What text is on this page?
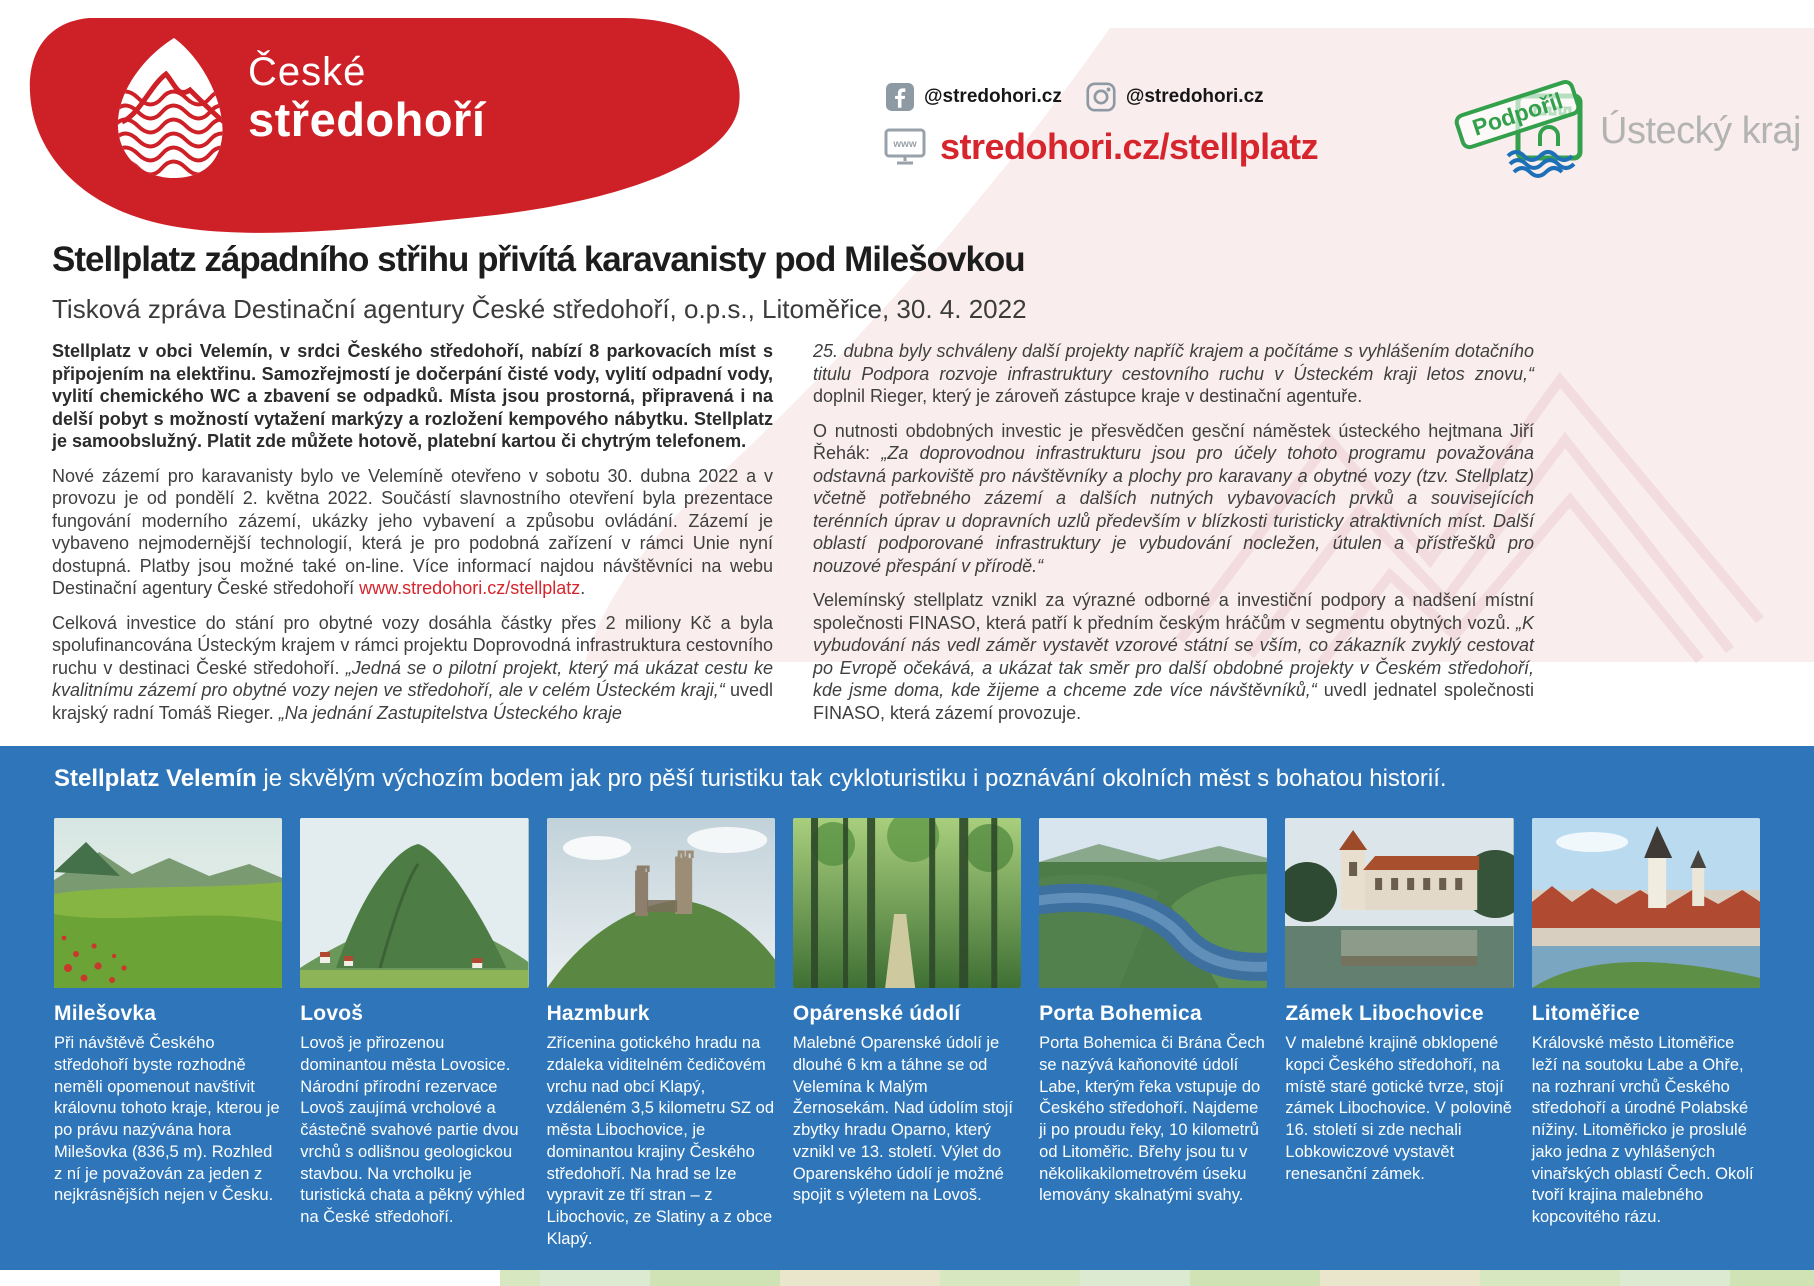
České
středohoří	@stredohori.cz	@stredohori.cz
www stredohori.cz/stellplatz
Podpořil Ústecký kraj
Stellplatz západního střihu přivítá karavanisty pod Milešovkou
Tisková zpráva Destinační agentury České středohoří, o.p.s., Litoměřice, 30. 4. 2022

Stellplatz v obci Velemín, v srdci Českého středohoří, nabízí 8 parkovacích míst s připojením na elektřinu. Samozřejmostí je dočerpání čisté vody, vylití odpadní vody, vylití chemického WC a zbavení se odpadků. Místa jsou prostorná, připravená i na delší pobyt s možností vytažení markýzy a rozložení kempového nábytku. Stellplatz je samoobslužný. Platit zde můžete hotově, platební kartou či chytrým telefonem.

Nové zázemí pro karavanisty bylo ve Velemíně otevřeno v sobotu 30. dubna 2022 a v provozu je od pondělí 2. května 2022. Součástí slavnostního otevření byla prezentace fungování moderního zázemí, ukázky jeho vybavení a způsobu ovládání. Zázemí je vybaveno nejmodernější technologií, která je pro podobná zařízení v rámci Unie nyní dostupná. Platby jsou možné také on-line. Více informací najdou návštěvníci na webu Destinační agentury České středohoří www.stredohori.cz/stellplatz.

Celková investice do stání pro obytné vozy dosáhla částky přes 2 miliony Kč a byla spolufinancována Ústeckým krajem v rámci projektu Doprovodná infrastruktura cestovního ruchu v destinaci České středohoří. „Jedná se o pilotní projekt, který má ukázat cestu ke kvalitnímu zázemí pro obytné vozy nejen ve středohoří, ale v celém Ústeckém kraji,“ uvedl krajský radní Tomáš Rieger. „Na jednání Zastupitelstva Ústeckého kraje

25. dubna byly schváleny další projekty napříč krajem a počítáme s vyhlášením dotačního titulu Podpora rozvoje infrastruktury cestovního ruchu v Ústeckém kraji letos znovu,“ doplnil Rieger, který je zároveň zástupce kraje v destinační agentuře.

O nutnosti obdobných investic je přesvědčen gesční náměstek ústeckého hejtmana Jiří Řehák: „Za doprovodnou infrastrukturu jsou pro účely tohoto programu považována odstavná parkoviště pro návštěvníky a plochy pro karavany a obytné vozy (tzv. Stellplatz) včetně potřebného zázemí a dalších nutných vybavovacích prvků a souvisejících terénních úprav u dopravních uzlů především v blízkosti turisticky atraktivních míst. Další oblastí podporované infrastruktury je vybudování nocležen, útulen a přístřešků pro nouzové přespání v přírodě.“

Velemínský stellplatz vznikl za výrazné odborné a investiční podpory a nadšení místní společnosti FINASO, která patří k předním českým hráčům v segmentu obytných vozů. „K vybudování nás vedl záměr vystavět vzorové státní se vším, co zákazník zvyklý cestovat po Evropě očekává, a ukázat tak směr pro další obdobné projekty v Českém středohoří, kde jsme doma, kde žijeme a chceme zde více návštěvníků,“ uvedl jednatel společnosti FINASO, která zázemí provozuje.

Stellplatz Velemín je skvělým výchozím bodem jak pro pěší turistiku tak cykloturistiku i poznávání okolních měst s bohatou historií.
Milešovka
Při návštěvě Českého středohoří byste rozhodně neměli opomenout navštívit královnu tohoto kraje, kterou je po právu nazývána hora Milešovka (836,5 m). Rozhled z ní je považován za jeden z nejkrásnějších nejen v Česku.
Lovoš
Lovoš je přirozenou dominantou města Lovosice. Národní přírodní rezervace Lovoš zaujímá vrcholové a částečně svahové partie dvou vrchů s odlišnou geologickou stavbou. Na vrcholku je turistická chata a pěkný výhled na České středohoří.
Hazmburk
Zřícenina gotického hradu na zdaleka viditelném čedičovém vrchu nad obcí Klapý, vzdáleném 3,5 kilometru SZ od města Libochovice, je dominantou krajiny Českého středohoří. Na hrad se lze vypravit ze tří stran – z Libochovic, ze Slatiny a z obce Klapý.
Opárenské údolí
Malebné Oparenské údolí je dlouhé 6 km a táhne se od Velemína k Malým Žernosekám. Nad údolím stojí zbytky hradu Oparno, který vznikl ve 13. století. Výlet do Oparenského údolí je možné spojit s výletem na Lovoš.
Porta Bohemica
Porta Bohemica či Brána Čech se nazývá kaňonovité údolí Labe, kterým řeka vstupuje do Českého středohoří. Najdeme ji po proudu řeky, 10 kilometrů od Litoměřic. Břehy jsou tu v několikakilometrovém úseku lemovány skalnatými svahy.
Zámek Libochovice
V malebné krajině obklopené kopci Českého středohoří, na místě staré gotické tvrze, stojí zámek Libochovice. V polovině 16. století si zde nechali Lobkowiczové vystavět renesanční zámek.
Litoměřice
Královské město Litoměřice leží na soutoku Labe a Ohře, na rozhraní vrchů Českého středohoří a úrodné Polabské nížiny. Litoměřicko je proslulé jako jedna z vyhlášených vinařských oblastí Čech. Okolí tvoří krajina malebného kopcovitého rázu.
